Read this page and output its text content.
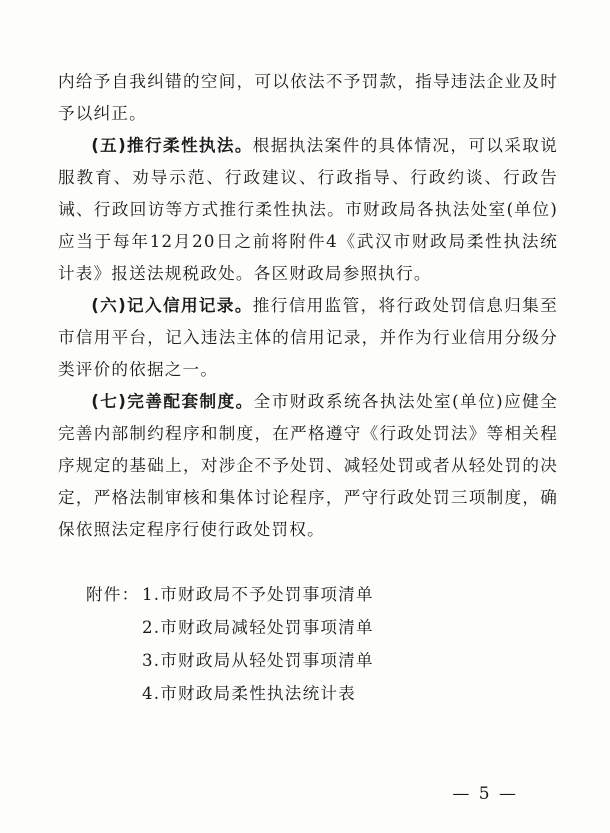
内给予自我纠错的空间，可以依法不予罚款，指导违法企业及时予以纠正。

(五)推行柔性执法。根据执法案件的具体情况，可以采取说服教育、劝导示范、行政建议、行政指导、行政约谈、行政告诫、行政回访等方式推行柔性执法。市财政局各执法处室(单位)应当于每年12月20日之前将附件4《武汉市财政局柔性执法统计表》报送法规税政处。各区财政局参照执行。

(六)记入信用记录。推行信用监管，将行政处罚信息归集至市信用平台，记入违法主体的信用记录，并作为行业信用分级分类评价的依据之一。

(七)完善配套制度。全市财政系统各执法处室(单位)应健全完善内部制约程序和制度，在严格遵守《行政处罚法》等相关程序规定的基础上，对涉企不予处罚、减轻处罚或者从轻处罚的决定，严格法制审核和集体讨论程序，严守行政处罚三项制度，确保依照法定程序行使行政处罚权。

附件： 1.市财政局不予处罚事项清单
2.市财政局减轻处罚事项清单
3.市财政局从轻处罚事项清单
4.市财政局柔性执法统计表
— 5 —
